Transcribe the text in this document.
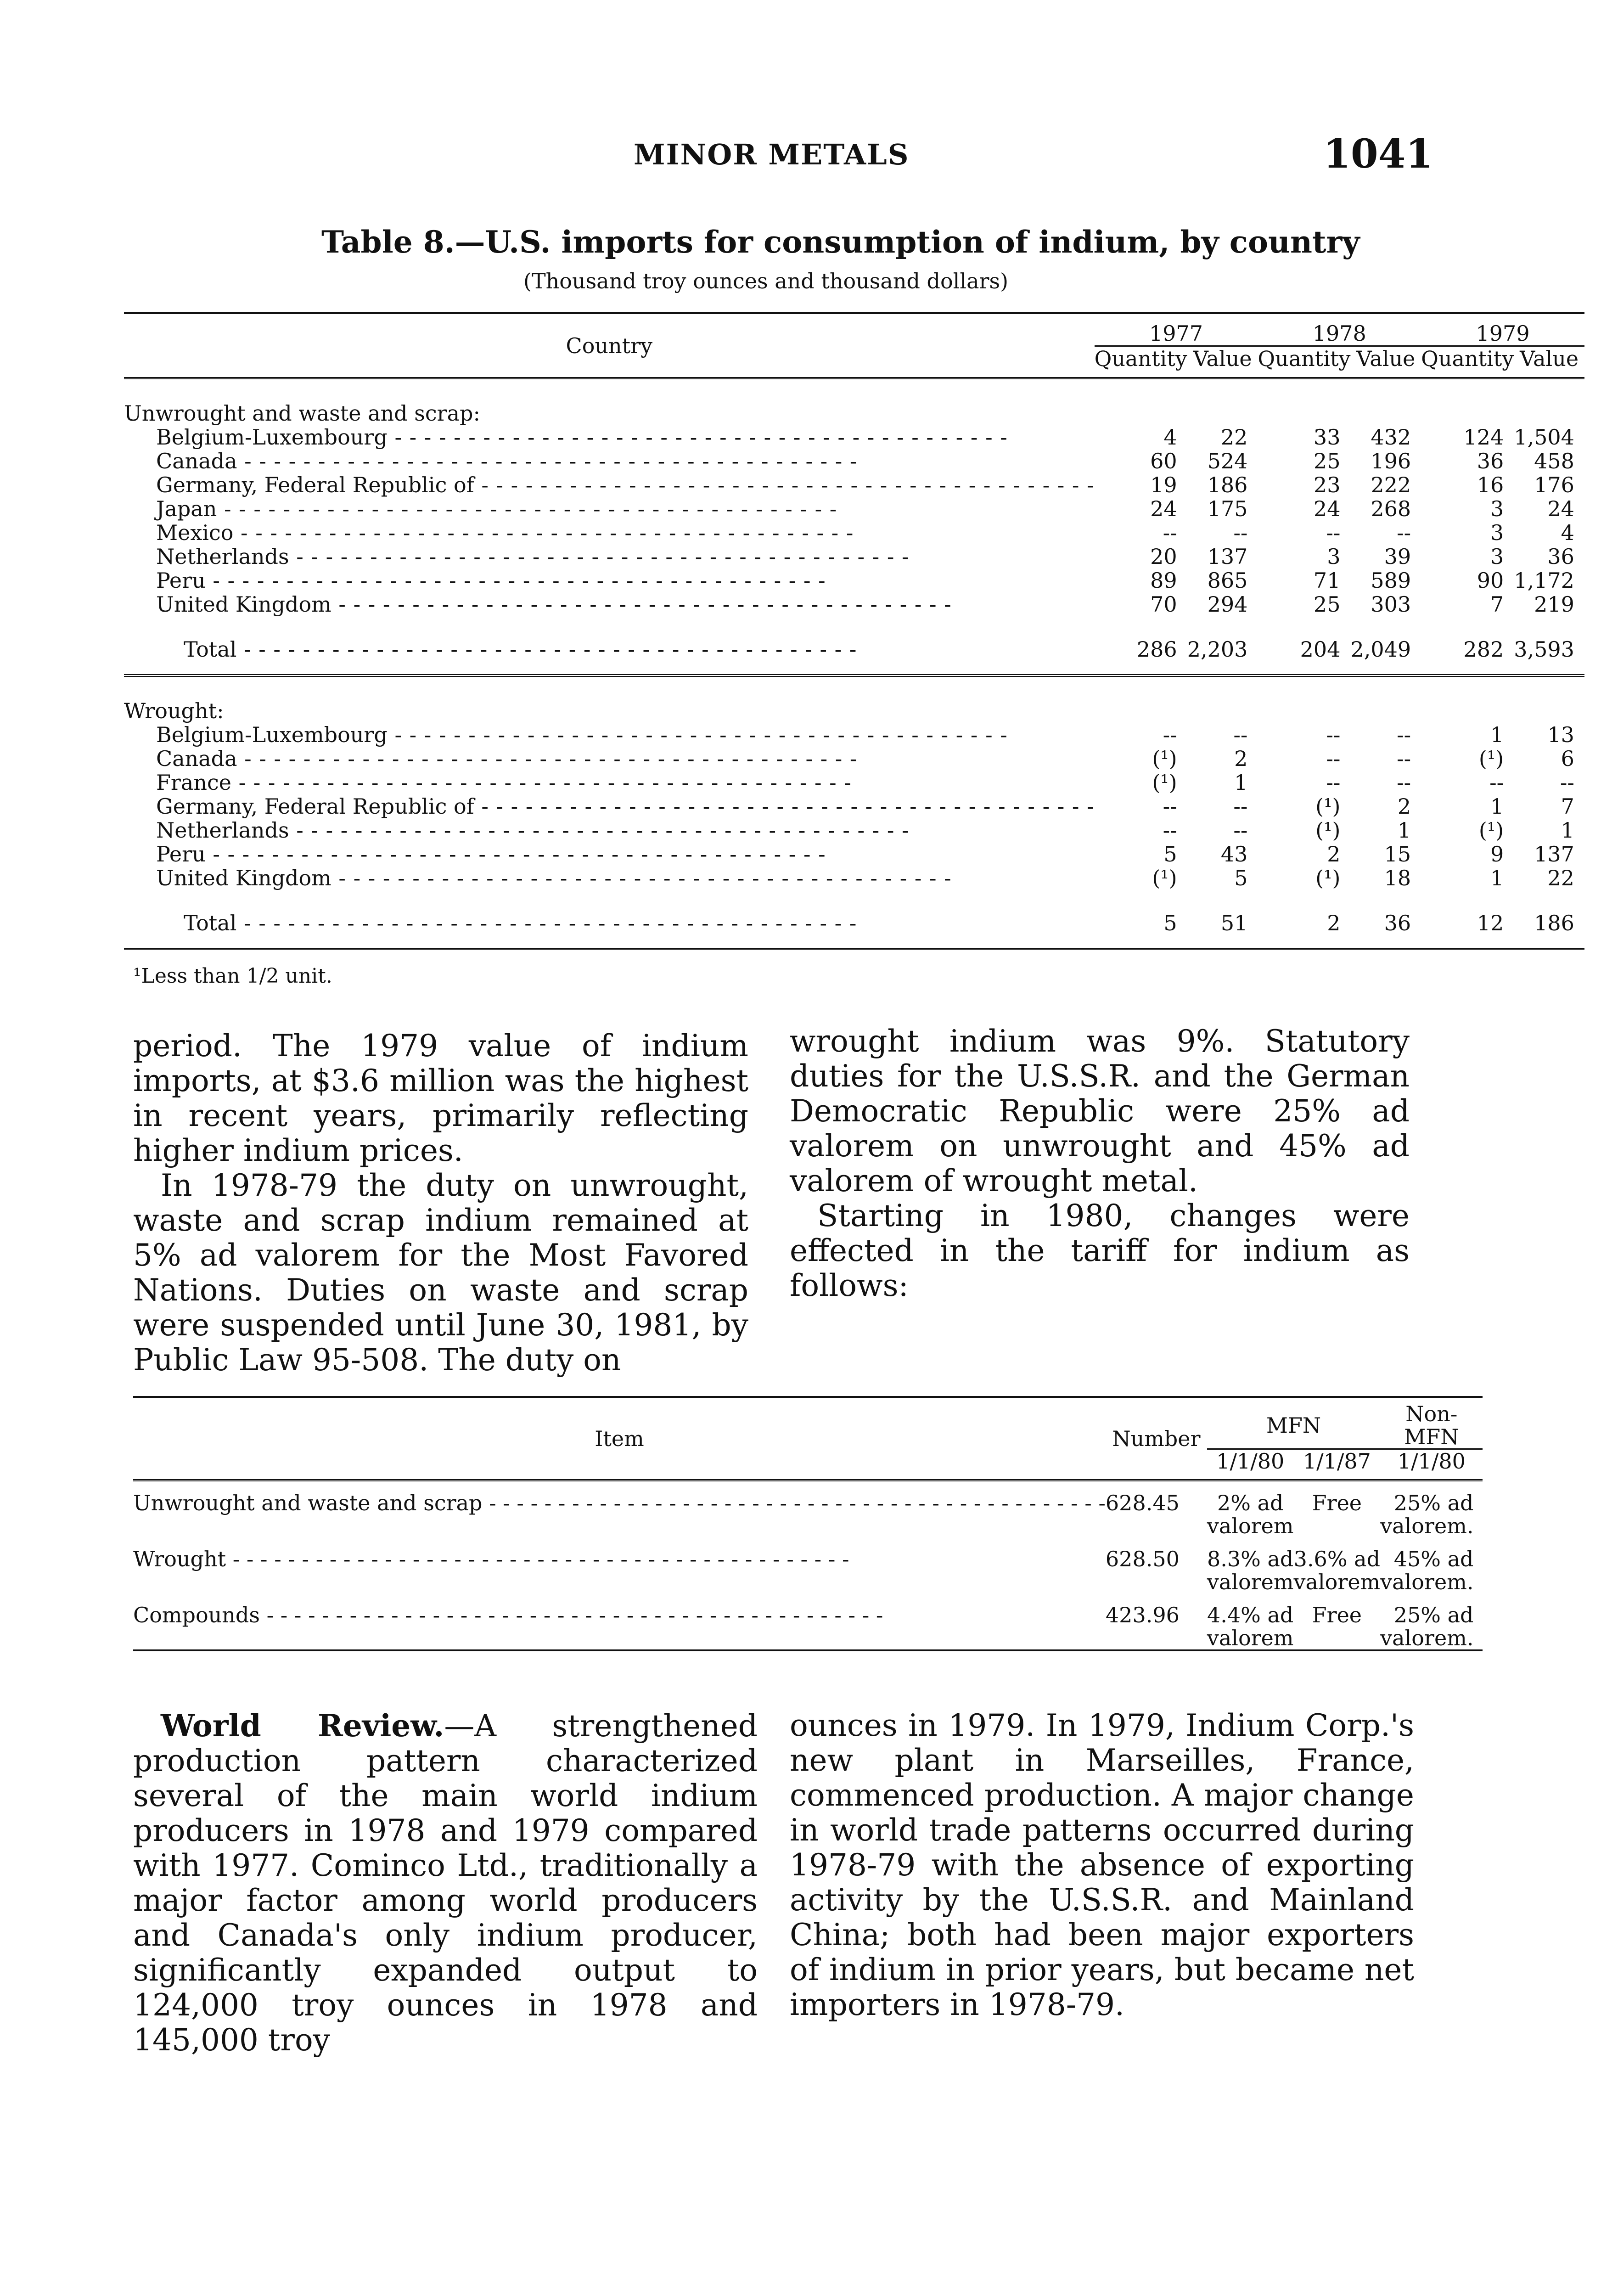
MINOR METALS	1041
Table 8.—U.S. imports for consumption of indium, by country
(Thousand troy ounces and thousand dollars)
Country	1977		1978		1979	
	Quantity	Value	Quantity	Value	Quantity	Value
Unwrought and waste and scrap:						
Belgium-Luxembourg - - -	4	22	33	432	124	1,504
Canada - - -	60	524	25	196	36	458
Germany, Federal Republic of - - -	19	186	23	222	16	176
Japan - - -	24	175	24	268	3	24
Mexico - - -	--	--	--	--	3	4
Netherlands - - -	20	137	3	39	3	36
Peru - - -	89	865	71	589	90	1,172
United Kingdom - - -	70	294	25	303	7	219
Total - - -	286	2,203	204	2,049	282	3,593
Wrought:						
Belgium-Luxembourg - - -	--	--	--	--	1	13
Canada - - -	(¹)	2	--	--	(¹)	6
France - - -	(¹)	1	--	--	--	--
Germany, Federal Republic of - - -	--	--	(¹)	2	1	7
Netherlands - - -	--	--	(¹)	1	(¹)	1
Peru - - -	5	43	2	15	9	137
United Kingdom - - -	(¹)	5	(¹)	18	1	22
Total - - -	5	51	2	36	12	186
¹Less than 1/2 unit.

period. The 1979 value of indium imports, at $3.6 million was the highest in recent years, primarily reflecting higher indium prices.

In 1978-79 the duty on unwrought, waste and scrap indium remained at 5% ad valorem for the Most Favored Nations. Duties on waste and scrap were suspended until June 30, 1981, by Public Law 95-508. The duty on

wrought indium was 9%. Statutory duties for the U.S.S.R. and the German Democratic Republic were 25% ad valorem on unwrought and 45% ad valorem of wrought metal.

Starting in 1980, changes were effected in the tariff for indium as follows:

Item	Number	MFN		Non-MFN
		1/1/80	1/1/87	1/1/80
Unwrought and waste and scrap - - -	628.45	2% ad valorem	Free	25% ad valorem.
Wrought - - -	628.50	8.3% ad valorem	3.6% ad valorem	45% ad valorem.
Compounds - - -	423.96	4.4% ad valorem	Free	25% ad valorem.

World Review.—A strengthened production pattern characterized several of the main world indium producers in 1978 and 1979 compared with 1977. Cominco Ltd., traditionally a major factor among world producers and Canada's only indium producer, significantly expanded output to 124,000 troy ounces in 1978 and 145,000 troy

ounces in 1979. In 1979, Indium Corp.'s new plant in Marseilles, France, commenced production. A major change in world trade patterns occurred during 1978-79 with the absence of exporting activity by the U.S.S.R. and Mainland China; both had been major exporters of indium in prior years, but became net importers in 1978-79.
